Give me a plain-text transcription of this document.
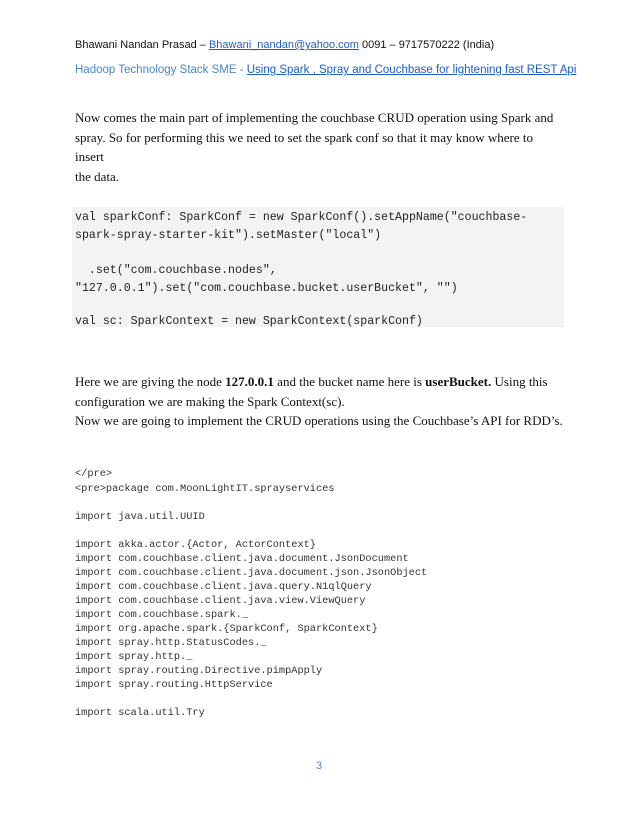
Bhawani Nandan Prasad – Bhawani_nandan@yahoo.com 0091 – 9717570222 (India)
Hadoop Technology Stack SME - Using Spark , Spray and Couchbase for lightening fast REST Api
Now comes the main part of implementing the couchbase CRUD operation using Spark and
spray. So for performing this we need to set the spark conf so that it may know where to insert
the data.
val sparkConf: SparkConf = new SparkConf().setAppName("couchbase-
spark-spray-starter-kit").setMaster("local")
.set("com.couchbase.nodes",
"127.0.0.1").set("com.couchbase.bucket.userBucket", "")
val sc: SparkContext = new SparkContext(sparkConf)
Here we are giving the node 127.0.0.1 and the bucket name here is userBucket. Using this
configuration we are making the Spark Context(sc).
Now we are going to implement the CRUD operations using the Couchbase’s API for RDD’s.
</pre>
<pre>package com.MoonLightIT.sprayservices
import java.util.UUID
import akka.actor.{Actor, ActorContext}
import com.couchbase.client.java.document.JsonDocument
import com.couchbase.client.java.document.json.JsonObject
import com.couchbase.client.java.query.N1qlQuery
import com.couchbase.client.java.view.ViewQuery
import com.couchbase.spark._
import org.apache.spark.{SparkConf, SparkContext}
import spray.http.StatusCodes._
import spray.http._
import spray.routing.Directive.pimpApply
import spray.routing.HttpService
import scala.util.Try
3
